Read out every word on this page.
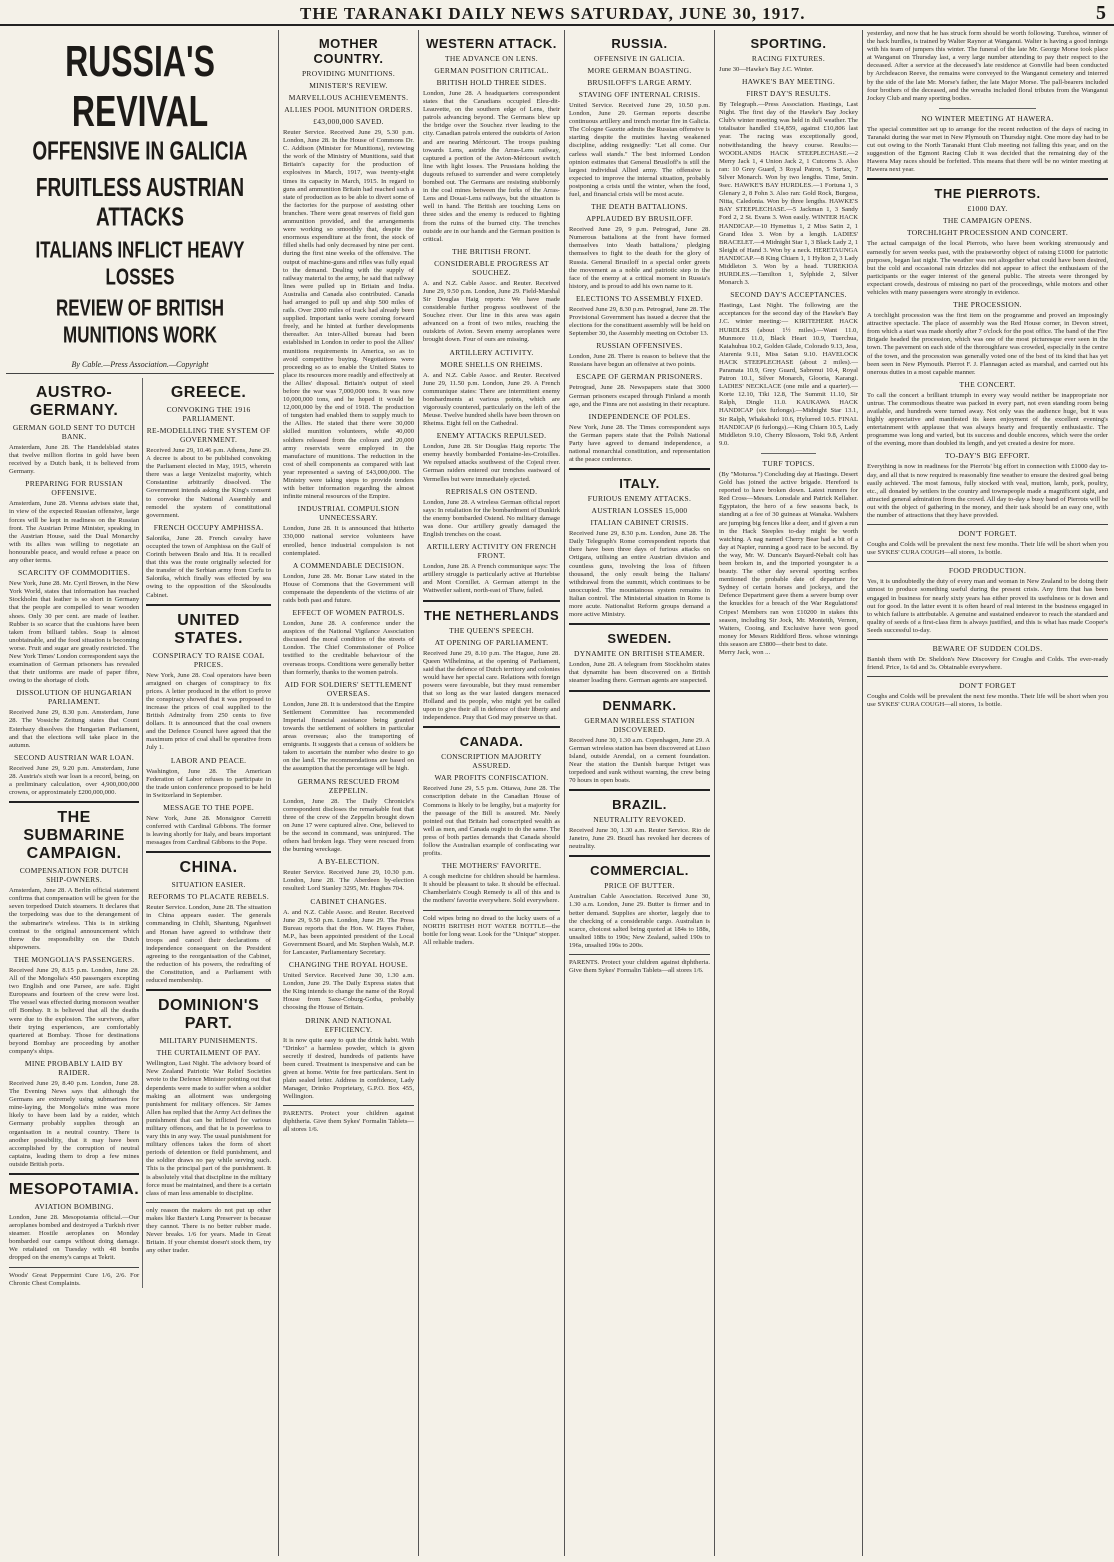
THE TARANAKI DAILY NEWS SATURDAY, JUNE 30, 1917.	5
RUSSIA'S REVIVAL
OFFENSIVE IN GALICIA
FRUITLESS AUSTRIAN ATTACKS
ITALIANS INFLICT HEAVY LOSSES
REVIEW OF BRITISH MUNITIONS WORK
By Cable.—Press Association.—Copyright
AUSTRO-GERMANY.
GERMAN GOLD SENT TO DUTCH BANK.
Amsterdam, June 28. The Handelsblad states that twelve million florins in gold have been received by a Dutch bank, it is believed from Germany.
PREPARING FOR RUSSIAN OFFENSIVE.
Amsterdam, June 28. Vienna advises state that, in view of the expected Russian offensive, large forces will be kept in readiness on the Russian front. The Austrian Prime Minister, speaking in the Austrian House, said the Dual Monarchy with its allies was willing to negotiate an honourable peace, and would refuse a peace on any other terms.
SCARCITY OF COMMODITIES.
New York, June 28. Mr. Cyril Brown, in the New York World, states that information has reached Stockholm that leather is so short in Germany that the people are compelled to wear wooden shoes. Only 30 per cent. are made of leather. Rubber is so scarce that the cushions have been taken from billiard tables. Soap is almost unobtainable, and the food situation is becoming worse. Fruit and sugar are greatly restricted. The New York Times' London correspondent says the examination of German prisoners has revealed that their uniforms are made of paper fibre, owing to the shortage of cloth.
DISSOLUTION OF HUNGARIAN PARLIAMENT.
Received June 29, 8.30 p.m. Amsterdam, June 28. The Vossiche Zeitung states that Count Esterhazy dissolves the Hungarian Parliament, and that the elections will take place in the autumn.
SECOND AUSTRIAN WAR LOAN.
Received June 29, 9.20 p.m. Amsterdam, June 28. Austria's sixth war loan is a record, being, on a preliminary calculation, over 4,900,000,000 crowns, or approximately £200,000,000.
THE SUBMARINE CAMPAIGN.
COMPENSATION FOR DUTCH SHIP-OWNERS.
Amsterdam, June 28. A Berlin official statement confirms that compensation will be given for the seven torpedoed Dutch steamers. It declares that the torpedoing was due to the derangement of the submarine's wireless. This is in striking contrast to the original announcement which threw the responsibility on the Dutch shipowners.
THE MONGOLIA'S PASSENGERS.
Received June 29, 8.15 p.m. London, June 28. All of the Mongolia's 450 passengers excepting two English and one Parsee, are safe. Eight Europeans and fourteen of the crew were lost. The vessel was effected during monsoon weather off Bombay. It is believed that all the deaths were due to the explosion. The survivors, after their trying experiences, are comfortably quartered at Bombay. Those for destinations beyond Bombay are proceeding by another company's ships.
MINE PROBABLY LAID BY RAIDER.
Received June 29, 8.40 p.m. London, June 28. The Evening News says that although the Germans are extremely using submarines for mine-laying, the Mongolia's mine was more likely to have been laid by a raider, which Germany probably supplies through an organisation in a neutral country. There is another possibility, that it may have been accomplished by the corruption of neutral captains, leading them to drop a few mines outside British ports.
MESOPOTAMIA.
AVIATION BOMBING.
London, June 28. Mesopotamia official.—Our aeroplanes bombed and destroyed a Turkish river steamer. Hostile aeroplanes on Monday bombarded our camps without doing damage. We retaliated on Tuesday with 48 bombs dropped on the enemy's camps at Tekrit.
Woods' Great Peppermint Cure 1/6, 2/6. For Chronic Chest Complaints.
GREECE.
CONVOKING THE 1916 PARLIAMENT.
RE-MODELLING THE SYSTEM OF GOVERNMENT.
Received June 29, 10.46 p.m. Athens, June 29. A decree is about to be published convoking the Parliament elected in May, 1915, wherein there was a large Venizelist majority, which Constantine arbitrarily dissolved. The Government intends asking the King's consent to convoke the National Assembly and remodel the system of constitutional government.
FRENCH OCCUPY AMPHISSA.
Salonika, June 28. French cavalry have occupied the town of Amphissa on the Gulf of Corinth between Bralo and Itia. It is recalled that this was the route originally selected for the transfer of the Serbian army from Corfu to Salonika, which finally was effected by sea owing to the opposition of the Skouloudis Cabinet.
UNITED STATES.
CONSPIRACY TO RAISE COAL PRICES.
New York, June 28. Coal operators have been arraigned on charges of conspiracy to fix prices. A letter produced in the effort to prove the conspiracy showed that it was proposed to increase the prices of coal supplied to the British Admiralty from 250 cents to five dollars. It is announced that the coal owners and the Defence Council have agreed that the maximum price of coal shall be operative from July 1.
LABOR AND PEACE.
Washington, June 28. The American Federation of Labor refuses to participate in the trade union conference proposed to be held in Switzerland in September.
MESSAGE TO THE POPE.
New York, June 28. Monsignor Cerretti conferred with Cardinal Gibbons. The former is leaving shortly for Italy, and bears important messages from Cardinal Gibbons to the Pope.
CHINA.
SITUATION EASIER.
REFORMS TO PLACATE REBELS.
Reuter Service. London, June 28. The situation in China appears easier. The generals commanding in Chihli, Shantung, Nganhwei and Honan have agreed to withdraw their troops and cancel their declarations of independence consequent on the President agreeing to the reorganisation of the Cabinet, the reduction of his powers, the redrafting of the Constitution, and a Parliament with reduced membership.
DOMINION'S PART.
MILITARY PUNISHMENTS.
THE CURTAILMENT OF PAY.
Wellington, Last Night. The advisory board of New Zealand Patriotic War Relief Societies wrote to the Defence Minister pointing out that dependents were made to suffer when a soldier making an allotment was undergoing punishment for military offences. Sir James Allen has replied that the Army Act defines the punishment that can be inflicted for various military offences, and that he is powerless to vary this in any way. The usual punishment for military offences takes the form of short periods of detention or field punishment, and the soldier draws no pay while serving such. This is the principal part of the punishment. It is absolutely vital that discipline in the military force must be maintained, and there is a certain class of man less amenable to discipline.
only reason the makers do not put up other makes like Baxter's Lung Preserver is because they cannot. There is no better rubber made. Never breaks. 1/6 for years. Made in Great Britain. If your chemist doesn't stock them, try any other trader.
MOTHER COUNTRY.
PROVIDING MUNITIONS.
MINISTER'S REVIEW.
MARVELLOUS ACHIEVEMENTS.
ALLIES POOL MUNITION ORDERS.
£43,000,000 SAVED.
Reuter Service. Received June 29, 5.30 p.m. London, June 28. In the House of Commons Dr. C. Addison (Minister for Munitions), reviewing the work of the Ministry of Munitions, said that Britain's capacity for the production of explosives in March, 1917, was twenty-eight times its capacity in March, 1915. In regard to guns and ammunition Britain had reached such a state of production as to be able to divert some of the factories for the purpose of assisting other branches. There were great reserves of field gun ammunition provided, and the arrangements were working so smoothly that, despite the enormous expenditure at the front, the stock of filled shells had only decreased by nine per cent. during the first nine weeks of the offensive. The output of machine-guns and rifles was fully equal to the demand. Dealing with the supply of railway material to the army, he said that railway lines were pulled up in Britain and India. Australia and Canada also contributed. Canada had arranged to pull up and ship 500 miles of rails. Over 2000 miles of track had already been supplied. Important tanks were coming forward freely, and he hinted at further developments thereafter. An inter-Allied bureau had been established in London in order to pool the Allies' munitions requirements in America, so as to avoid competitive buying. Negotiations were proceeding so as to enable the United States to place its resources more readily and effectively at the Allies' disposal. Britain's output of steel before the war was 7,000,000 tons. It was now 10,000,000 tons, and he hoped it would be 12,000,000 by the end of 1918. The production of tungsten had enabled them to supply much to the Allies. He stated that there were 30,000 skilled munition volunteers, while 40,000 soldiers released from the colours and 20,000 army reservists were employed in the manufacture of munitions. The reduction in the cost of shell components as compared with last year represented a saving of £43,000,000. The Ministry were taking steps to provide tenders with better information regarding the almost infinite mineral resources of the Empire.
INDUSTRIAL COMPULSION UNNECESSARY.
London, June 28. It is announced that hitherto 330,000 national service volunteers have enrolled, hence industrial compulsion is not contemplated.
A COMMENDABLE DECISION.
London, June 28. Mr. Bonar Law stated in the House of Commons that the Government will compensate the dependents of the victims of air raids both past and future.
EFFECT OF WOMEN PATROLS.
London, June 28. A conference under the auspices of the National Vigilance Association discussed the moral condition of the streets of London. The Chief Commissioner of Police testified to the creditable behaviour of the overseas troops. Conditions were generally better than formerly, thanks to the women patrols.
AID FOR SOLDIERS' SETTLEMENT OVERSEAS.
London, June 28. It is understood that the Empire Settlement Committee has recommended Imperial financial assistance being granted towards the settlement of soldiers in particular areas overseas; also the transporting of emigrants. It suggests that a census of soldiers be taken to ascertain the number who desire to go on the land. The recommendations are based on the assumption that the percentage will be high.
GERMANS RESCUED FROM ZEPPELIN.
London, June 28. The Daily Chronicle's correspondent discloses the remarkable feat that three of the crew of the Zeppelin brought down on June 17 were captured alive. One, believed to be the second in command, was uninjured. The others had broken legs. They were rescued from the burning wreckage.
A BY-ELECTION.
Reuter Service. Received June 29, 10.30 p.m. London, June 28. The Aberdeen by-election resulted: Lord Stanley 3295, Mr. Hughes 704.
CABINET CHANGES.
A. and N.Z. Cable Assoc. and Reuter. Received June 29, 9.50 p.m. London, June 29. The Press Bureau reports that the Hon. W. Hayes Fisher, M.P., has been appointed president of the Local Government Board, and Mr. Stephen Walsh, M.P. for Lancaster, Parliamentary Secretary.
CHANGING THE ROYAL HOUSE.
United Service. Received June 30, 1.30 a.m. London, June 29. The Daily Express states that the King intends to change the name of the Royal House from Saxe-Coburg-Gotha, probably choosing the House of Britain.
DRINK AND NATIONAL EFFICIENCY.
It is now quite easy to quit the drink habit. With "Drinko" a harmless powder, which is given secretly if desired, hundreds of patients have been cured. Treatment is inexpensive and can be given at home. Write for free particulars. Sent in plain sealed letter. Address in confidence, Lady Manager, Drinko Proprietary, G.P.O. Box 455, Wellington.
PARENTS. Protect your children against diphtheria. Give them Sykes' Formalin Tablets—all stores 1/6.
WESTERN ATTACK.
THE ADVANCE ON LENS.
GERMAN POSITION CRITICAL.
BRITISH HOLD THREE SIDES.
London, June 28. A headquarters correspondent states that the Canadians occupied Eleu-dit-Leauvette, on the southern edge of Lens, their patrols advancing beyond. The Germans blew up the bridge over the Souchez river leading to the city. Canadian patrols entered the outskirts of Avion and are nearing Méricourt. The troops pushing towards Lens, astride the Arras-Lens railway, captured a portion of the Avion-Méricourt switch line with light losses. The Prussians holding the dugouts refused to surrender and were completely bombed out. The Germans are resisting stubbornly in the coal mines between the forks of the Arras-Lens and Douai-Lens railways, but the situation is well in hand. The British are touching Lens on three sides and the enemy is reduced to fighting from the ruins of the burned city. The trenches outside are in our hands and the German position is critical.
THE BRITISH FRONT.
CONSIDERABLE PROGRESS AT SOUCHEZ.
A. and N.Z. Cable Assoc. and Reuter. Received June 29, 9.50 p.m. London, June 29. Field-Marshal Sir Douglas Haig reports: We have made considerable further progress southwest of the Souchez river. Our line in this area was again advanced on a front of two miles, reaching the outskirts of Avion. Seven enemy aeroplanes were brought down. Four of ours are missing.
ARTILLERY ACTIVITY.
MORE SHELLS ON RHEIMS.
A. and N.Z. Cable Assoc. and Reuter. Received June 29, 11.50 p.m. London, June 29. A French communique states: There are intermittent enemy bombardments at various points, which are vigorously countered, particularly on the left of the Meuse. Twelve hundred shells have been thrown on Rheims. Eight fell on the Cathedral.
ENEMY ATTACKS REPULSED.
London, June 28. Sir Douglas Haig reports: The enemy heavily bombarded Fontaine-les-Croisilles. We repulsed attacks southwest of the Cojeul river. German raiders entered our trenches eastward of Vermelles but were immediately ejected.
REPRISALS ON OSTEND.
London, June 28. A wireless German official report says: In retaliation for the bombardment of Dunkirk the enemy bombarded Ostend. No military damage was done. Our artillery greatly damaged the English trenches on the coast.
ARTILLERY ACTIVITY ON FRENCH FRONT.
London, June 28. A French communique says: The artillery struggle is particularly active at Hurtebise and Mont Cornillet. A German attempt in the Wattweiler salient, north-east of Thaw, failed.
THE NETHERLANDS
THE QUEEN'S SPEECH.
AT OPENING OF PARLIAMENT.
Received June 29, 8.10 p.m. The Hague, June 28. Queen Wilhelmina, at the opening of Parliament, said that the defence of Dutch territory and colonies would have her special care. Relations with foreign powers were favourable, but they must remember that so long as the war lasted dangers menaced Holland and its people, who might yet be called upon to give their all in defence of their liberty and independence. Pray that God may preserve us that.
CANADA.
CONSCRIPTION MAJORITY ASSURED.
WAR PROFITS CONFISCATION.
Received June 29, 5.5 p.m. Ottawa, June 28. The conscription debate in the Canadian House of Commons is likely to be lengthy, but a majority for the passage of the Bill is assured. Mr. Neely pointed out that Britain had conscripted wealth as well as men, and Canada ought to do the same. The press of both parties demands that Canada should follow the Australian example of confiscating war profits.
THE MOTHERS' FAVORITE.
A cough medicine for children should be harmless. It should be pleasant to take. It should be effectual. Chamberlain's Cough Remedy is all of this and is the mothers' favorite everywhere. Sold everywhere.
Cold wipes bring no dread to the lucky users of a NORTH BRITISH HOT WATER BOTTLE—the bottle for long wear. Look for the "Unique" stopper. All reliable traders.
RUSSIA.
OFFENSIVE IN GALICIA.
MORE GERMAN BOASTING.
BRUSILOFF'S LARGE ARMY.
STAVING OFF INTERNAL CRISIS.
United Service. Received June 29, 10.50 p.m. London, June 29. German reports describe continuous artillery and trench mortar fire in Galicia. The Cologne Gazette admits the Russian offensive is starting despite the mutinies having weakened discipline, adding resignedly: "Let all come. Our carless wall stands." The best informed London opinion estimates that General Brusiloff's is still the largest individual Allied army. The offensive is expected to improve the internal situation, probably postponing a crisis until the winter, when the food, fuel, and financial crisis will be most acute.
THE DEATH BATTALIONS.
APPLAUDED BY BRUSILOFF.
Received June 29, 9 p.m. Petrograd, June 28. Numerous battalions at the front have formed themselves into 'death battalions,' pledging themselves to fight to the death for the glory of Russia. General Brusiloff in a special order greets the movement as a noble and patriotic step in the face of the enemy at a critical moment in Russia's history, and is proud to add his own name to it.
ELECTIONS TO ASSEMBLY FIXED.
Received June 29, 8.30 p.m. Petrograd, June 28. The Provisional Government has issued a decree that the elections for the constituent assembly will be held on September 30, the Assembly meeting on October 13.
RUSSIAN OFFENSIVES.
London, June 28. There is reason to believe that the Russians have begun an offensive at two points.
ESCAPE OF GERMAN PRISONERS.
Petrograd, June 28. Newspapers state that 3000 German prisoners escaped through Finland a month ago, and the Finns are not assisting in their recapture.
INDEPENDENCE OF POLES.
New York, June 28. The Times correspondent says the German papers state that the Polish National Party have agreed to demand independence, a national monarchial constitution, and representation at the peace conference.
ITALY.
FURIOUS ENEMY ATTACKS.
AUSTRIAN LOSSES 15,000
ITALIAN CABINET CRISIS.
Received June 29, 8.30 p.m. London, June 28. The Daily Telegraph's Rome correspondent reports that there have been three days of furious attacks on Ortigara, utilising an entire Austrian division and countless guns, involving the loss of fifteen thousand, the only result being the Italians' withdrawal from the summit, which continues to be unoccupied. The mountainous system remains in Italian control. The Ministerial situation in Rome is more acute. Nationalist Reform groups demand a more active Ministry.
SWEDEN.
DYNAMITE ON BRITISH STEAMER.
London, June 28. A telegram from Stockholm states that dynamite has been discovered on a British steamer loading there. German agents are suspected.
DENMARK.
GERMAN WIRELESS STATION DISCOVERED.
Received June 30, 1.30 a.m. Copenhagen, June 29. A German wireless station has been discovered at Lisso Island, outside Arendal, on a cement foundation. Near the station the Danish barque Ivitget was torpedoed and sunk without warning, the crew being 70 hours in open boats.
BRAZIL.
NEUTRALITY REVOKED.
Received June 30, 1.30 a.m. Reuter Service. Rio de Janeiro, June 29. Brazil has revoked her decrees of neutrality.
COMMERCIAL.
PRICE OF BUTTER.
Australian Cable Association. Received June 30, 1.30 a.m. London, June 29. Butter is firmer and in better demand. Supplies are shorter, largely due to the checking of a considerable cargo. Australian is scarce, choicest salted being quoted at 184s to 188s, unsalted 188s to 190s; New Zealand, salted 190s to 196s, unsalted 196s to 200s.
PARENTS. Protect your children against diphtheria. Give them Sykes' Formalin Tablets—all stores 1/6.
SPORTING.
RACING FIXTURES.
June 30—Hawke's Bay J.C. Winter.
HAWKE'S BAY MEETING.
FIRST DAY'S RESULTS.
By Telegraph.—Press Association. Hastings, Last Night. The first day of the Hawke's Bay Jockey Club's winter meeting was held in dull weather. The totalisator handled £14,859, against £10,806 last year. The racing was exceptionally good, notwithstanding the heavy course. Results:— WOODLANDS HACK STEEPLECHASE.—2 Merry Jack 1, 4 Union Jack 2, 1 Cutcorns 3. Also ran: 10 Grey Guard, 3 Royal Patron, 5 Surtax, 7 Silver Monarch. Won by two lengths. Time, 5min. 9sec. HAWKE'S BAY HURDLES.—1 Fortuna 1, 3 Glenary 2, 8 Fohn 3. Also ran: Gold Rock, Burgess, Nitta, Caledonia. Won by three lengths. HAWKE'S BAY STEEPLECHASE.—5 Jackman 1, 3 Sandy Ford 2, 2 St. Evans 3. Won easily. WINTER HACK HANDICAP.—10 Hymettus 1, 2 Miss Satin 2, 1 Grand Idea 3. Won by a length. LADIES' BRACELET.—4 Midnight Star 1, 3 Black Lady 2, 1 Sleight of Hand 3. Won by a neck. HERETAUNGA HANDICAP.—8 King Chiarn 1, 1 Hylton 2, 3 Lady Middleton 3. Won by a head. TUREKIOA HURDLES.—Tamilton 1, Sylphide 2, Silver Monarch 3.
SECOND DAY'S ACCEPTANCES.
Hastings, Last Night. The following are the acceptances for the second day of the Hawke's Bay J.C. winter meeting:— KIRITEHERE HACK HURDLES (about 1½ miles).—Want 11.0, Munmore 11.0, Black Heart 10.9, Tuerchua, Kaiahuhua 10.2, Golden Glade, Colorado 9.13, Jess, Atarenia 9.11, Miss Satan 9.10. HAVELOCK HACK STEEPLECHASE (about 2 miles).—Paramata 10.9, Grey Guard, Sabrenui 10.4, Royal Patron 10.1, Silver Monarch, Glooria, Karangi. LADIES' NECKLACE (one mile and a quarter).—Korte 12.10, Tiki 12.8, The Summit 11.10, Sir Ralph, Dingle 11.0. KAUKAWA HACK HANDICAP (six furlongs).—Midnight Star 13.1, Sir Ralph, Whakahoki 10.6, Hylurred 10.5. FINAL HANDICAP (6 furlongs).—King Chiarn 10.5, Lady Middleton 9.10, Cherry Blossom, Toki 9.8, Ardent 9.0.
TURF TOPICS.
(By "Moturoa.") Concluding day at Hastings. Desert Gold has joined the active brigade. Hereford is reported to have broken down. Latest runners for Red Cross—Messrs. Lonsdale and Patrick Kellaher. Egyptaton, the hero of a few seasons back, is standing at a fee of 30 guineas at Wanaka. Walshers are jumping big fences like a deer, and if given a run in the Hack Steeples to-day might be worth watching. A nag named Cherry Bear had a bit of a day at Napier, running a good race to be second. By the way, Mr. W. Duncan's Bayard-Nebalt colt has been broken in, and the imported youngster is a beauty. The other day several sporting scribes mentioned the probable date of departure for Sydney of certain horses and jockeys, and the Defence Department gave them a severe bump over the knuckles for a breach of the War Regulations! Cripes! Members ran won £10200 in stakes this season, including Sir Jock, Mr. Monteith, Vernon, Waiters, Cooing, and Exclusive have won good money for Messrs Riddiford Bros. whose winnings this season are £3800—their best to date.
Merry Jack, won ...
yesterday, and now that he has struck form should be worth following. Turehoa, winner of the hack hurdles, is trained by Walter Raynor at Wanganui. Walter is having a good innings with his team of jumpers this winter. The funeral of the late Mr. George Morse took place at Wanganui on Thursday last, a very large number attending to pay their respect to the deceased. After a service at the deceased's late residence at Gonville had been conducted by Archdeacon Reeve, the remains were conveyed to the Wanganui cemetery and interred by the side of the late Mr. Morse's father, the late Major Morse. The pall-bearers included four brothers of the deceased, and the wreaths included floral tributes from the Wanganui Jockey Club and many sporting bodies.
NO WINTER MEETING AT HAWERA.
The special committee set up to arrange for the recent reduction of the days of racing in Taranaki during the war met in New Plymouth on Thursday night. One more day had to be cut out owing to the North Taranaki Hunt Club meeting not falling this year, and on the suggestion of the Egmont Racing Club it was decided that the remaining day of the Hawera May races should be forfeited. This means that there will be no winter meeting at Hawera next year.
THE PIERROTS.
£1000 DAY.
THE CAMPAIGN OPENS.
TORCHLIGHT PROCESSION AND CONCERT.
The actual campaign of the local Pierrots, who have been working strenuously and earnestly for seven weeks past, with the praiseworthy object of raising £1000 for patriotic purposes, began last night. The weather was not altogether what could have been desired, but the cold and occasional rain drizzles did not appear to affect the enthusiasm of the participants or the eager interest of the general public. The streets were thronged by expectant crowds, desirous of missing no part of the proceedings, while motors and other vehicles with many passengers were strongly in evidence.
THE PROCESSION.
A torchlight procession was the first item on the programme and proved an imposingly attractive spectacle. The place of assembly was the Red House corner, in Devon street, from which a start was made shortly after 7 o'clock for the post office. The band of the Fire Brigade headed the procession, which was one of the most picturesque ever seen in the town. The pavement on each side of the thoroughfare was crowded, especially in the centre of the town, and the procession was generally voted one of the best of its kind that has yet been seen in New Plymouth. Pierrot F. J. Flannagan acted as marshal, and carried out his onerous duties in a most capable manner.
THE CONCERT.
To call the concert a brilliant triumph in every way would neither be inappropriate nor untrue. The commodious theatre was packed in every part, not even standing room being available, and hundreds were turned away. Not only was the audience huge, but it was highly appreciative and manifested its keen enjoyment of the excellent evening's entertainment with applause that was always hearty and frequently enthusiastic. The programme was long and varied, but its success and double encores, which were the order of the evening, more than doubled its length, and yet created a desire for more.
TO-DAY'S BIG EFFORT.
Everything is now in readiness for the Pierrots' big effort in connection with £1000 day to-day, and all that is now required is reasonably fine weather to ensure the desired goal being easily achieved. The most famous, fully stocked with veal, mutton, lamb, pork, poultry, etc., all donated by settlers in the country and townspeople made a magnificent sight, and attracted general admiration from the crowd. All day to-day a busy band of Pierrots will be out with the object of gathering in the money, and their task should be an easy one, with the number of attractions that they have provided.
DON'T FORGET.
Coughs and Colds will be prevalent the next few months. Their life will be short when you use SYKES' CURA COUGH—all stores, 1s bottle.
FOOD PRODUCTION.
Yes, it is undoubtedly the duty of every man and woman in New Zealand to be doing their utmost to produce something useful during the present crisis. Any firm that has been engaged in business for nearly sixty years has either proved its usefulness or is down and out for good. In the latter event it is often heard of real interest in the business engaged in to which failure is attributable. A genuine and sustained endeavor to reach the standard and quality of seeds of a first-class firm is always justified, and this is what has made Cooper's Seeds successful to-day.
BEWARE OF SUDDEN COLDS.
Banish them with Dr. Sheldon's New Discovery for Coughs and Colds. The ever-ready friend. Price, 1s 6d and 3s. Obtainable everywhere.
DON'T FORGET
Coughs and Colds will be prevalent the next few months. Their life will be short when you use SYKES' CURA COUGH—all stores, 1s bottle.
